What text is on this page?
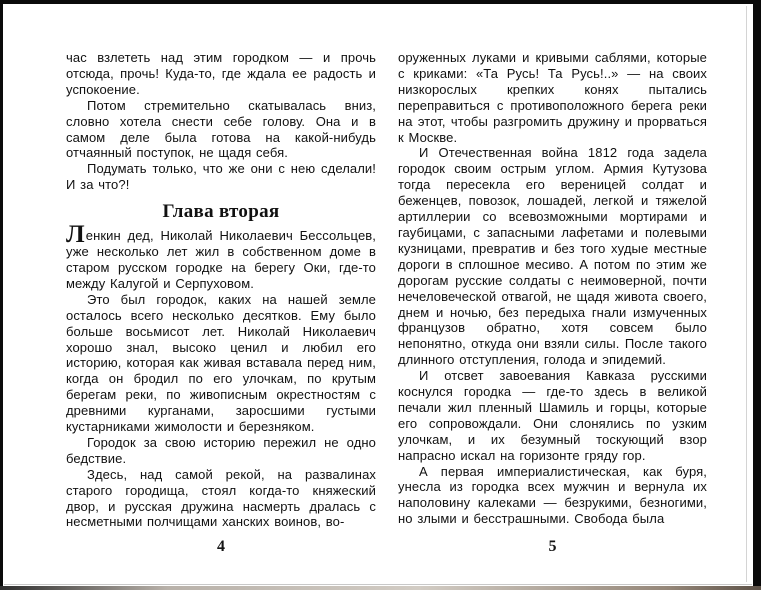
час взлететь над этим городком — и прочь отсюда, прочь! Куда-то, где ждала ее радость и успокоение.

Потом стремительно скатывалась вниз, словно хотела снести себе голову. Она и в самом деле была готова на какой-нибудь отчаянный поступок, не щадя себя.

Подумать только, что же они с нею сделали! И за что?!

Глава вторая

Ленкин дед, Николай Николаевич Бессольцев, уже несколько лет жил в собственном доме в старом русском городке на берегу Оки, где-то между Калугой и Серпуховом.

Это был городок, каких на нашей земле осталось всего несколько десятков. Ему было больше восьмисот лет. Николай Николаевич хорошо знал, высоко ценил и любил его историю, которая как живая вставала перед ним, когда он бродил по его улочкам, по крутым берегам реки, по живописным окрестностям с древними курганами, заросшими густыми кустарниками жимолости и березняком.

Городок за свою историю пережил не одно бедствие.

Здесь, над самой рекой, на развалинах старого городища, стоял когда-то княжеский двор, и русская дружина насмерть дралась с несметными полчищами ханских воинов, во-

4

оруженных луками и кривыми саблями, которые с криками: «Та Русь! Та Русь!..» — на своих низкорослых крепких конях пытались переправиться с противоположного берега реки на этот, чтобы разгромить дружину и прорваться к Москве.

И Отечественная война 1812 года задела городок своим острым углом. Армия Кутузова тогда пересекла его вереницей солдат и беженцев, повозок, лошадей, легкой и тяжелой артиллерии со всевозможными мортирами и гаубицами, с запасными лафетами и полевыми кузницами, превратив и без того худые местные дороги в сплошное месиво. А потом по этим же дорогам русские солдаты с неимоверной, почти нечеловеческой отвагой, не щадя живота своего, днем и ночью, без передыха гнали измученных французов обратно, хотя совсем было непонятно, откуда они взяли силы. После такого длинного отступления, голода и эпидемий.

И отсвет завоевания Кавказа русскими коснулся городка — где-то здесь в великой печали жил пленный Шамиль и горцы, которые его сопровождали. Они слонялись по узким улочкам, и их безумный тоскующий взор напрасно искал на горизонте гряду гор.

А первая империалистическая, как буря, унесла из городка всех мужчин и вернула их наполовину калеками — безрукими, безногими, но злыми и бесстрашными. Свобода была

5
